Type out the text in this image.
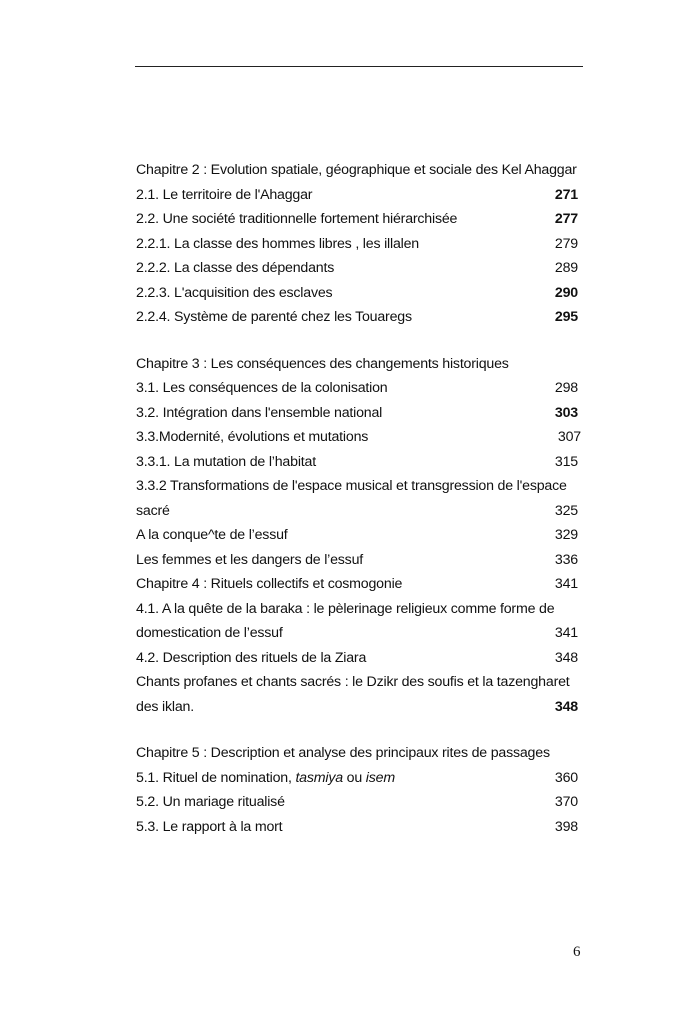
Chapitre 2 : Evolution spatiale, géographique et sociale des Kel Ahaggar
2.1. Le territoire de l'Ahaggar	271
2.2. Une société traditionnelle fortement hiérarchisée	277
2.2.1. La classe des hommes libres , les illalen	279
2.2.2. La classe des dépendants	289
2.2.3. L'acquisition des esclaves	290
2.2.4. Système de parenté chez les Touaregs	295
Chapitre 3 : Les conséquences des changements historiques
3.1. Les conséquences de la colonisation	298
3.2. Intégration dans l'ensemble national	303
3.3.Modernité, évolutions et mutations	307
3.3.1. La mutation de l’habitat	315
3.3.2 Transformations de l'espace musical et transgression de l'espace
sacré	325
A la conque^te de l’essuf	329
Les femmes et les dangers de l’essuf	336
Chapitre 4 : Rituels collectifs et cosmogonie	341
4.1. A la quête de la baraka : le pèlerinage religieux comme forme de
domestication de l’essuf	341
4.2. Description des rituels de la Ziara	348
Chants profanes et chants sacrés : le Dzikr des soufis et la tazengharet
des iklan.	348
Chapitre 5 : Description et analyse des principaux rites de passages
5.1. Rituel de nomination, tasmiya ou isem	360
5.2. Un mariage ritualisé	370
5.3. Le rapport à la mort	398
6
